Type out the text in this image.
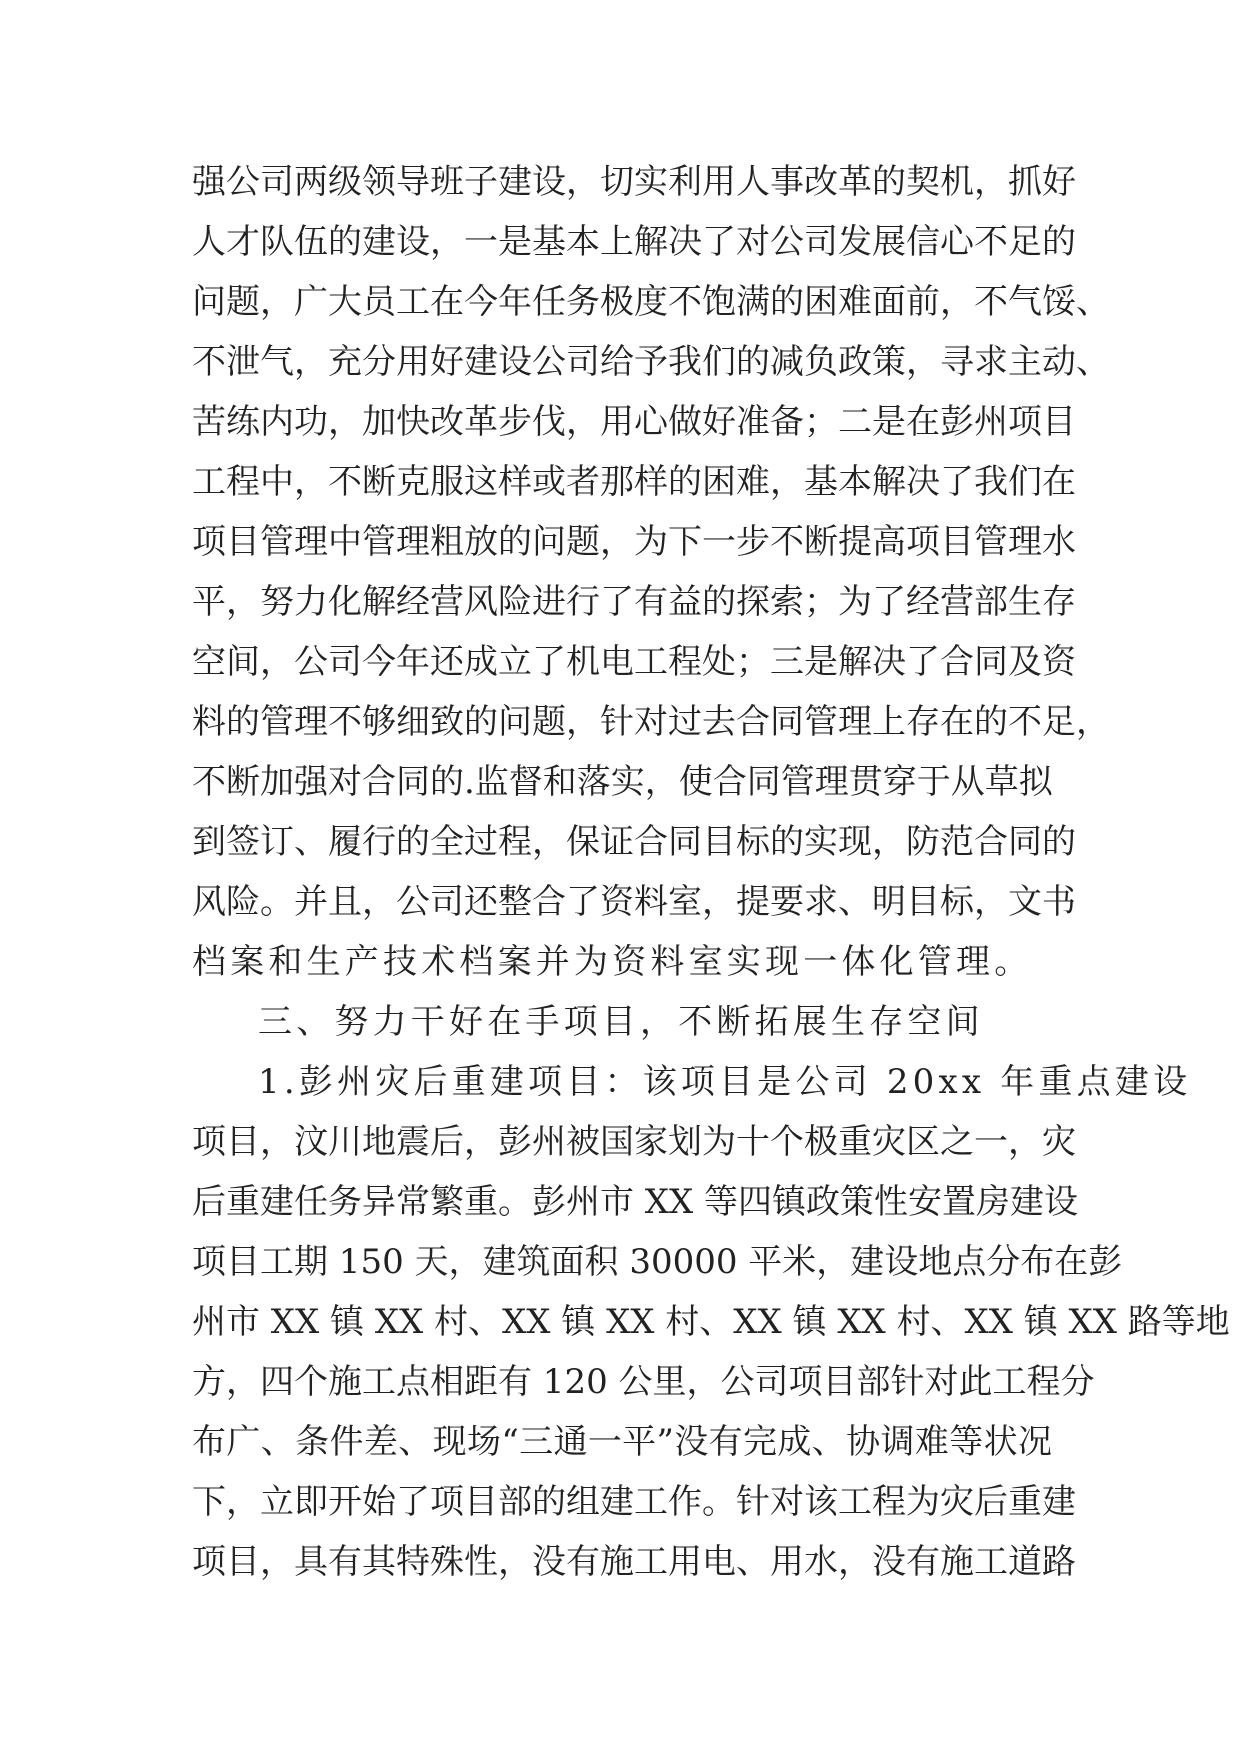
强公司两级领导班子建设，切实利用人事改革的契机，抓好
人才队伍的建设，一是基本上解决了对公司发展信心不足的
问题，广大员工在今年任务极度不饱满的困难面前，不气馁、
不泄气，充分用好建设公司给予我们的减负政策，寻求主动、
苦练内功，加快改革步伐，用心做好准备；二是在彭州项目
工程中，不断克服这样或者那样的困难，基本解决了我们在
项目管理中管理粗放的问题，为下一步不断提高项目管理水
平，努力化解经营风险进行了有益的探索；为了经营部生存
空间，公司今年还成立了机电工程处；三是解决了合同及资
料的管理不够细致的问题，针对过去合同管理上存在的不足，
不断加强对合同的.监督和落实，使合同管理贯穿于从草拟
到签订、履行的全过程，保证合同目标的实现，防范合同的
风险。并且，公司还整合了资料室，提要求、明目标，文书
档案和生产技术档案并为资料室实现一体化管理。
三、努力干好在手项目，不断拓展生存空间
1.彭州灾后重建项目：该项目是公司 20xx 年重点建设
项目，汶川地震后，彭州被国家划为十个极重灾区之一，灾
后重建任务异常繁重。彭州市 XX 等四镇政策性安置房建设
项目工期 150 天，建筑面积 30000 平米，建设地点分布在彭
州市 XX 镇 XX 村、XX 镇 XX 村、XX 镇 XX 村、XX 镇 XX 路等地
方，四个施工点相距有 120 公里，公司项目部针对此工程分
布广、条件差、现场“三通一平”没有完成、协调难等状况
下，立即开始了项目部的组建工作。针对该工程为灾后重建
项目，具有其特殊性，没有施工用电、用水，没有施工道路
